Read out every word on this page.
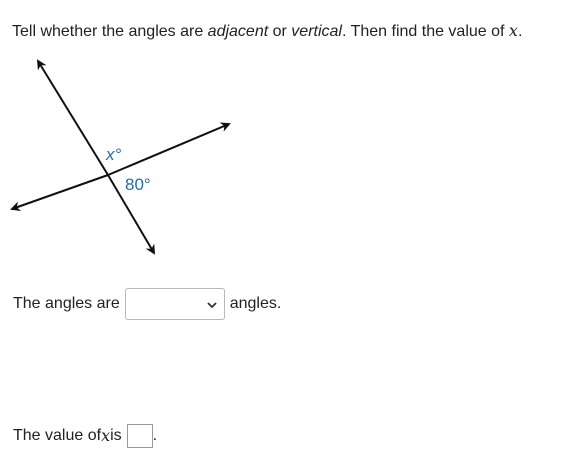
Tell whether the angles are adjacent or vertical. Then find the value of x.
x°
80°
The angles are	angles.
The value of x is .
